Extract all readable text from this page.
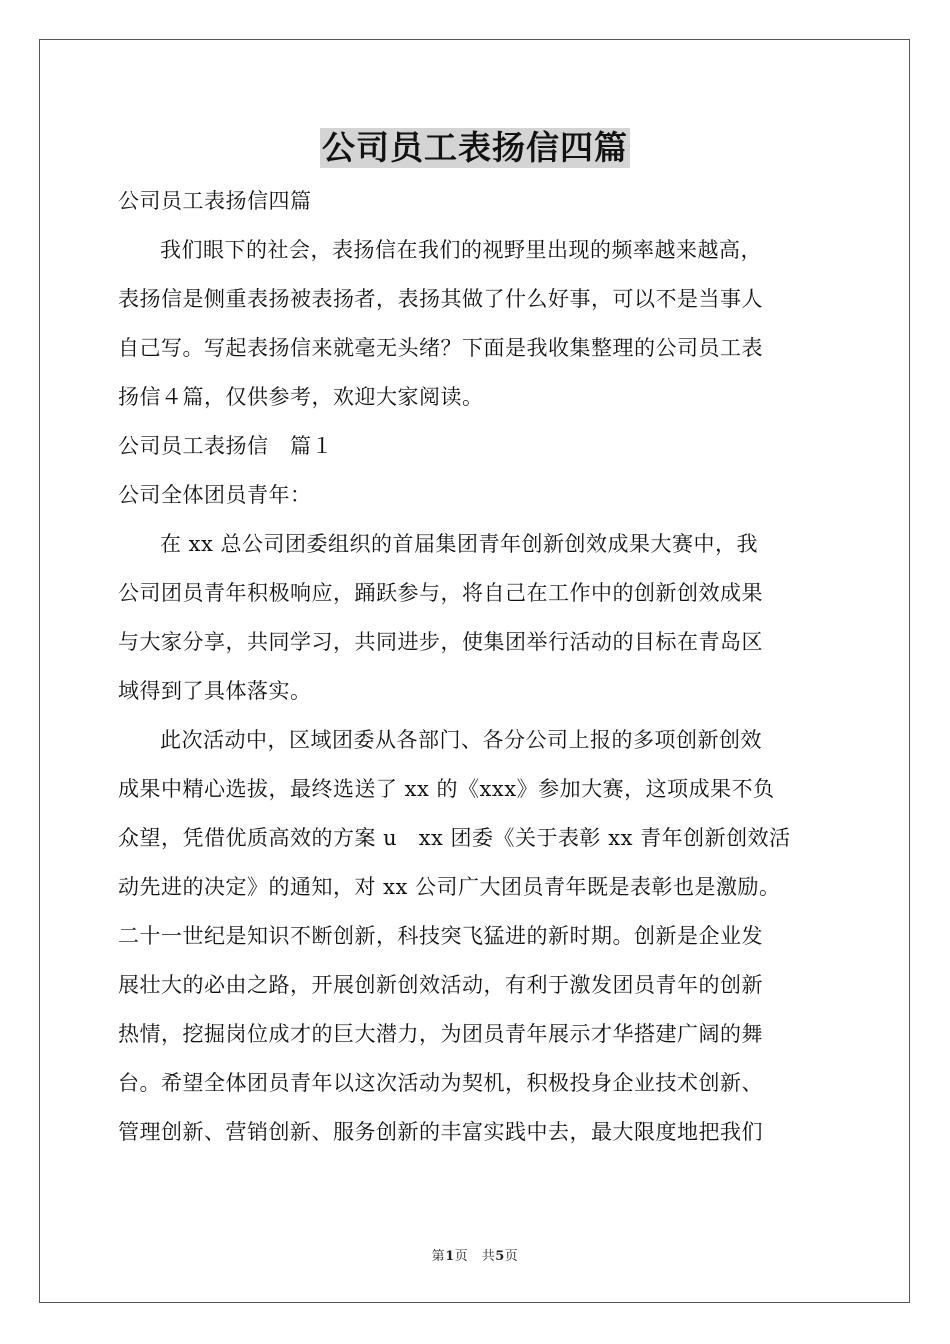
公司员工表扬信四篇

公司员工表扬信四篇

我们眼下的社会，表扬信在我们的视野里出现的频率越来越高，

表扬信是侧重表扬被表扬者，表扬其做了什么好事，可以不是当事人

自己写。写起表扬信来就毫无头绪？下面是我收集整理的公司员工表

扬信４篇，仅供参考，欢迎大家阅读。

公司员工表扬信　篇１

公司全体团员青年：

在 xx 总公司团委组织的首届集团青年创新创效成果大赛中，我

公司团员青年积极响应，踊跃参与，将自己在工作中的创新创效成果

与大家分享，共同学习，共同进步，使集团举行活动的目标在青岛区

域得到了具体落实。

此次活动中，区域团委从各部门、各分公司上报的多项创新创效

成果中精心选拔，最终选送了 xx 的《xxx》参加大赛，这项成果不负

众望，凭借优质高效的方案 u　xx 团委《关于表彰 xx 青年创新创效活

动先进的决定》的通知，对 xx 公司广大团员青年既是表彰也是激励。

二十一世纪是知识不断创新，科技突飞猛进的新时期。创新是企业发

展壮大的必由之路，开展创新创效活动，有利于激发团员青年的创新

热情，挖掘岗位成才的巨大潜力，为团员青年展示才华搭建广阔的舞

台。希望全体团员青年以这次活动为契机，积极投身企业技术创新、

管理创新、营销创新、服务创新的丰富实践中去，最大限度地把我们

第1页　共5页
